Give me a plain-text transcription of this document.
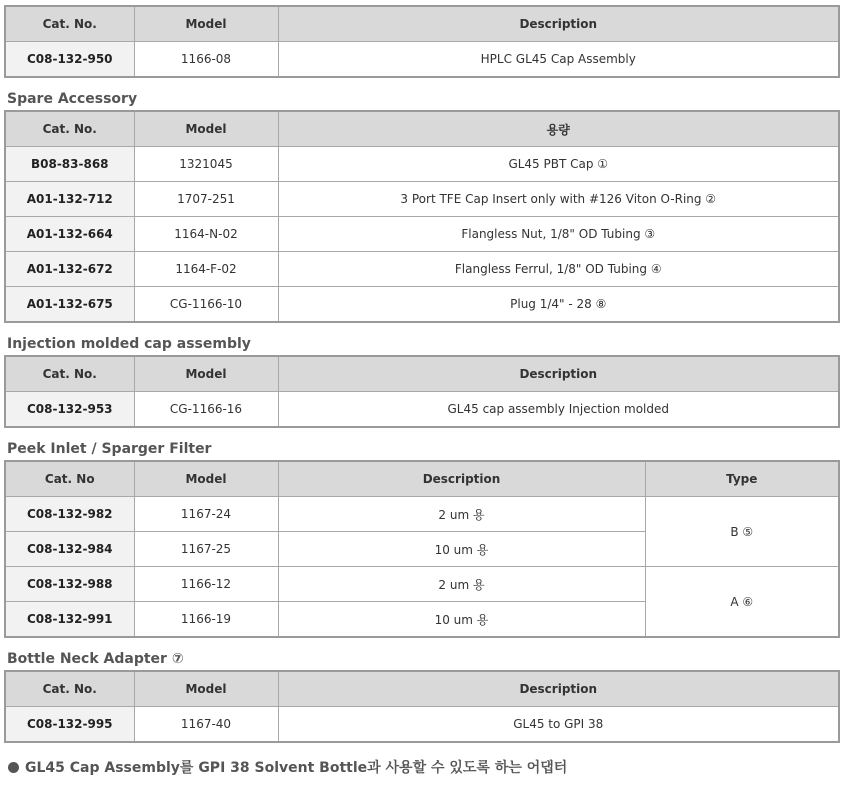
Cat. No.	Model	Description
C08-132-950	1166-08	HPLC GL45 Cap Assembly
Spare Accessory
Cat. No.	Model	용량
B08-83-868	1321045	GL45 PBT Cap ①
A01-132-712	1707-251	3 Port TFE Cap Insert only with #126 Viton O-Ring ②
A01-132-664	1164-N-02	Flangless Nut, 1/8" OD Tubing ③
A01-132-672	1164-F-02	Flangless Ferrul, 1/8" OD Tubing ④
A01-132-675	CG-1166-10	Plug 1/4" - 28 ⑧
Injection molded cap assembly
Cat. No.	Model	Description
C08-132-953	CG-1166-16	GL45 cap assembly Injection molded
Peek Inlet / Sparger Filter
Cat. No	Model	Description	Type
C08-132-982	1167-24	2 um 용	B ⑤
C08-132-984	1167-25	10 um 용	
C08-132-988	1166-12	2 um 용	A ⑥
C08-132-991	1166-19	10 um 용	
Bottle Neck Adapter ⑦
Cat. No.	Model	Description
C08-132-995	1167-40	GL45 to GPI 38
GL45 Cap Assembly를 GPI 38 Solvent Bottle과 사용할 수 있도록 하는 어댑터
